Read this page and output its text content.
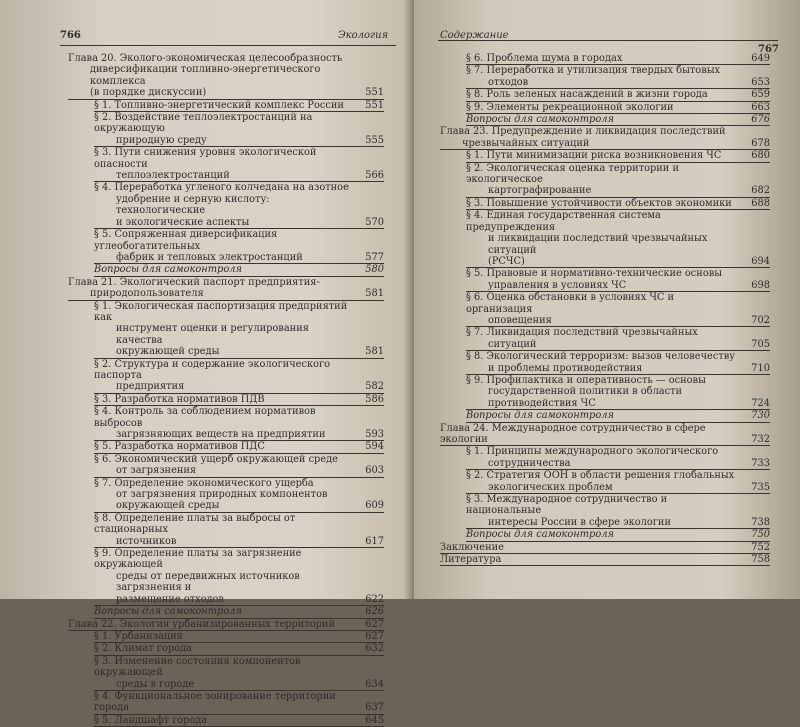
766	Экология
Глава 20. Эколого-экономическая целесообразность
диверсификации топливно-энергетического комплекса
(в порядке дискуссии)	551
§ 1. Топливно-энергетический комплекс России	551
§ 2. Воздействие теплоэлектростанций на окружающую
природную среду	555
§ 3. Пути снижения уровня экологической опасности
теплоэлектростанций	566
§ 4. Переработка угленого колчедана на азотное
удобрение и серную кислоту: технологические
и экологические аспекты	570
§ 5. Сопряженная диверсификация углеобогатительных
фабрик и тепловых электростанций	577
Вопросы для самоконтроля	580
Глава 21. Экологический паспорт предприятия-
природопользователя	581
§ 1. Экологическая паспортизация предприятий как
инструмент оценки и регулирования качества
окружающей среды	581
§ 2. Структура и содержание экологического паспорта
предприятия	582
§ 3. Разработка нормативов ПДВ	586
§ 4. Контроль за соблюдением нормативов выбросов
загрязняющих веществ на предприятии	593
§ 5. Разработка нормативов ПДС	594
§ 6. Экономический ущерб окружающей среде
от загрязнения	603
§ 7. Определение экономического ущерба
от загрязнения природных компонентов
окружающей среды	609
§ 8. Определение платы за выбросы от стационарных
источников	617
§ 9. Определение платы за загрязнение окружающей
среды от передвижных источников загрязнения и
размещение отходов	622
Вопросы для самоконтроля	626
Глава 22. Экология урбанизированных территорий	627
§ 1. Урбанизация	627
§ 2. Климат города	632
§ 3. Изменение состояния компонентов окружающей
среды в городе	634
§ 4. Функциональное зонирование территории города	637
§ 5. Ландшафт города	645
Содержание
767
§ 6. Проблема шума в городах	649
§ 7. Переработка и утилизация твердых бытовых
отходов	653
§ 8. Роль зеленых насаждений в жизни города	659
§ 9. Элементы рекреационной экологии	663
Вопросы для самоконтроля	676
Глава 23. Предупреждение и ликвидация последствий
чрезвычайных ситуаций	678
§ 1. Пути минимизации риска возникновения ЧС	680
§ 2. Экологическая оценка территории и экологическое
картографирование	682
§ 3. Повышение устойчивости объектов экономики	688
§ 4. Единая государственная система предупреждения
и ликвидации последствий чрезвычайных ситуаций
(РСЧС)	694
§ 5. Правовые и нормативно-технические основы
управления в условиях ЧС	698
§ 6. Оценка обстановки в условиях ЧС и организация
оповещения	702
§ 7. Ликвидация последствий чрезвычайных
ситуаций	705
§ 8. Экологический терроризм: вызов человечеству
и проблемы противодействия	710
§ 9. Профилактика и оперативность — основы
государственной политики в области
противодействия ЧС	724
Вопросы для самоконтроля	730
Глава 24. Международное сотрудничество в сфере экологии	732
§ 1. Принципы международного экологического
сотрудничества	733
§ 2. Стратегия ООН в области решения глобальных
экологических проблем	735
§ 3. Международное сотрудничество и национальные
интересы России в сфере экологии	738
Вопросы для самоконтроля	750
Заключение	752
Литература	758
